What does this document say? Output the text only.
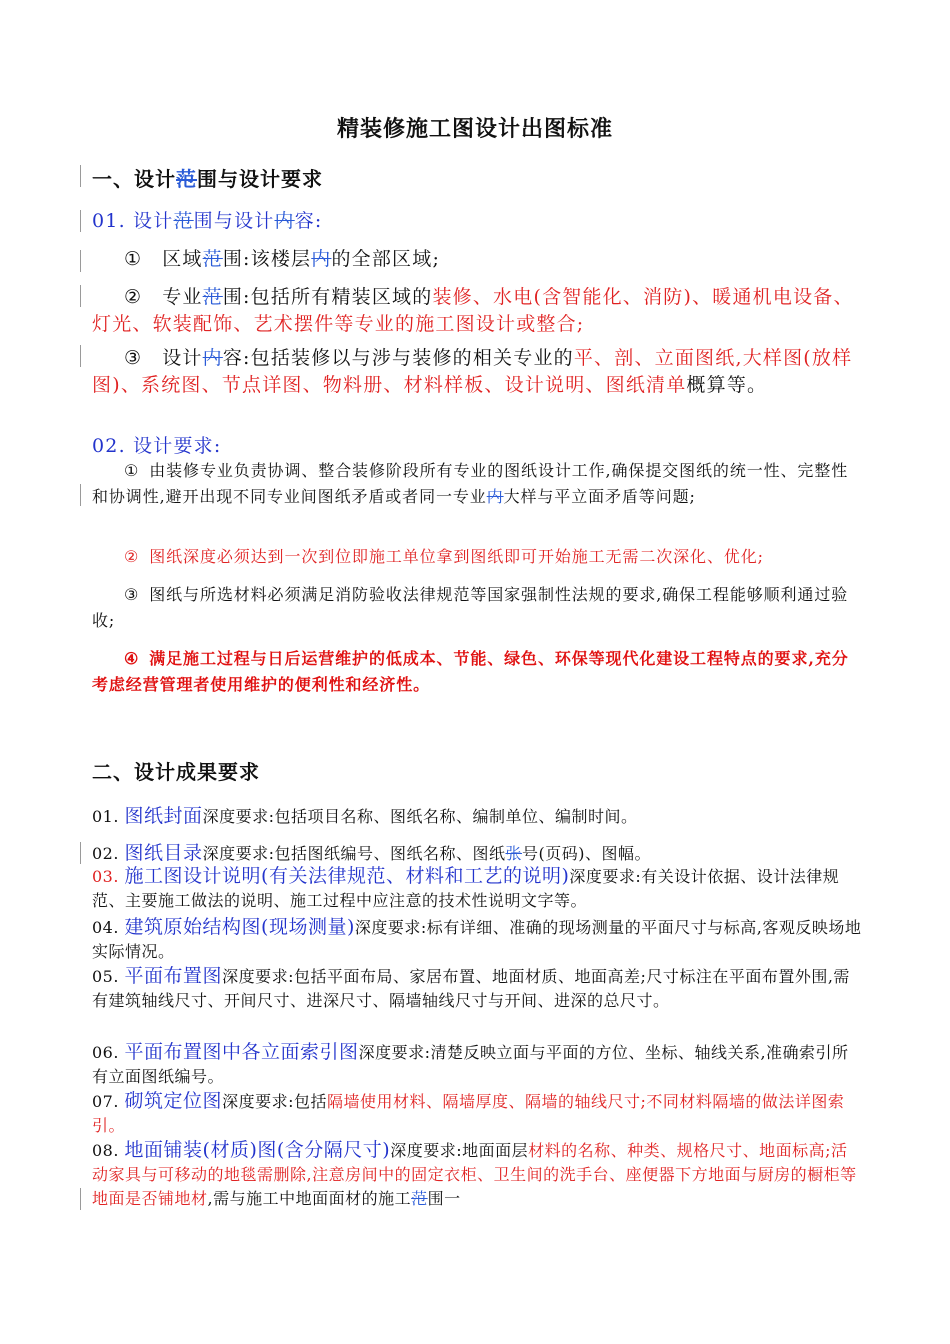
精装修施工图设计出图标准
一、设计范围与设计要求
01. 设计范围与设计内容:
① 区域范围:该楼层内的全部区域;
② 专业范围:包括所有精装区域的装修、水电(含智能化、消防)、暖通机电设备、灯光、软装配饰、艺术摆件等专业的施工图设计或整合;
③ 设计内容:包括装修以与涉与装修的相关专业的平、剖、立面图纸,大样图(放样图)、系统图、节点详图、物料册、材料样板、设计说明、图纸清单概算等。
02. 设计要求:
① 由装修专业负责协调、整合装修阶段所有专业的图纸设计工作,确保提交图纸的统一性、完整性和协调性,避开出现不同专业间图纸矛盾或者同一专业内大样与平立面矛盾等问题;
② 图纸深度必须达到一次到位即施工单位拿到图纸即可开始施工无需二次深化、优化;
③ 图纸与所选材料必须满足消防验收法律规范等国家强制性法规的要求,确保工程能够顺利通过验收;
④ 满足施工过程与日后运营维护的低成本、节能、绿色、环保等现代化建设工程特点的要求,充分考虑经营管理者使用维护的便利性和经济性。
二、设计成果要求
01. 图纸封面深度要求:包括项目名称、图纸名称、编制单位、编制时间。
02. 图纸目录深度要求:包括图纸编号、图纸名称、图纸张号(页码)、图幅。
03. 施工图设计说明(有关法律规范、材料和工艺的说明)深度要求:有关设计依据、设计法律规范、主要施工做法的说明、施工过程中应注意的技术性说明文字等。
04. 建筑原始结构图(现场测量)深度要求:标有详细、准确的现场测量的平面尺寸与标高,客观反映场地实际情况。
05. 平面布置图深度要求:包括平面布局、家居布置、地面材质、地面高差;尺寸标注在平面布置外围,需有建筑轴线尺寸、开间尺寸、进深尺寸、隔墙轴线尺寸与开间、进深的总尺寸。
06. 平面布置图中各立面索引图深度要求:清楚反映立面与平面的方位、坐标、轴线关系,准确索引所有立面图纸编号。
07. 砌筑定位图深度要求:包括隔墙使用材料、隔墙厚度、隔墙的轴线尺寸;不同材料隔墙的做法详图索引。
08. 地面铺装(材质)图(含分隔尺寸)深度要求:地面面层材料的名称、种类、规格尺寸、地面标高;活动家具与可移动的地毯需删除,注意房间中的固定衣柜、卫生间的洗手台、座便器下方地面与厨房的橱柜等地面是否铺地材,需与施工中地面面材的施工范围一
